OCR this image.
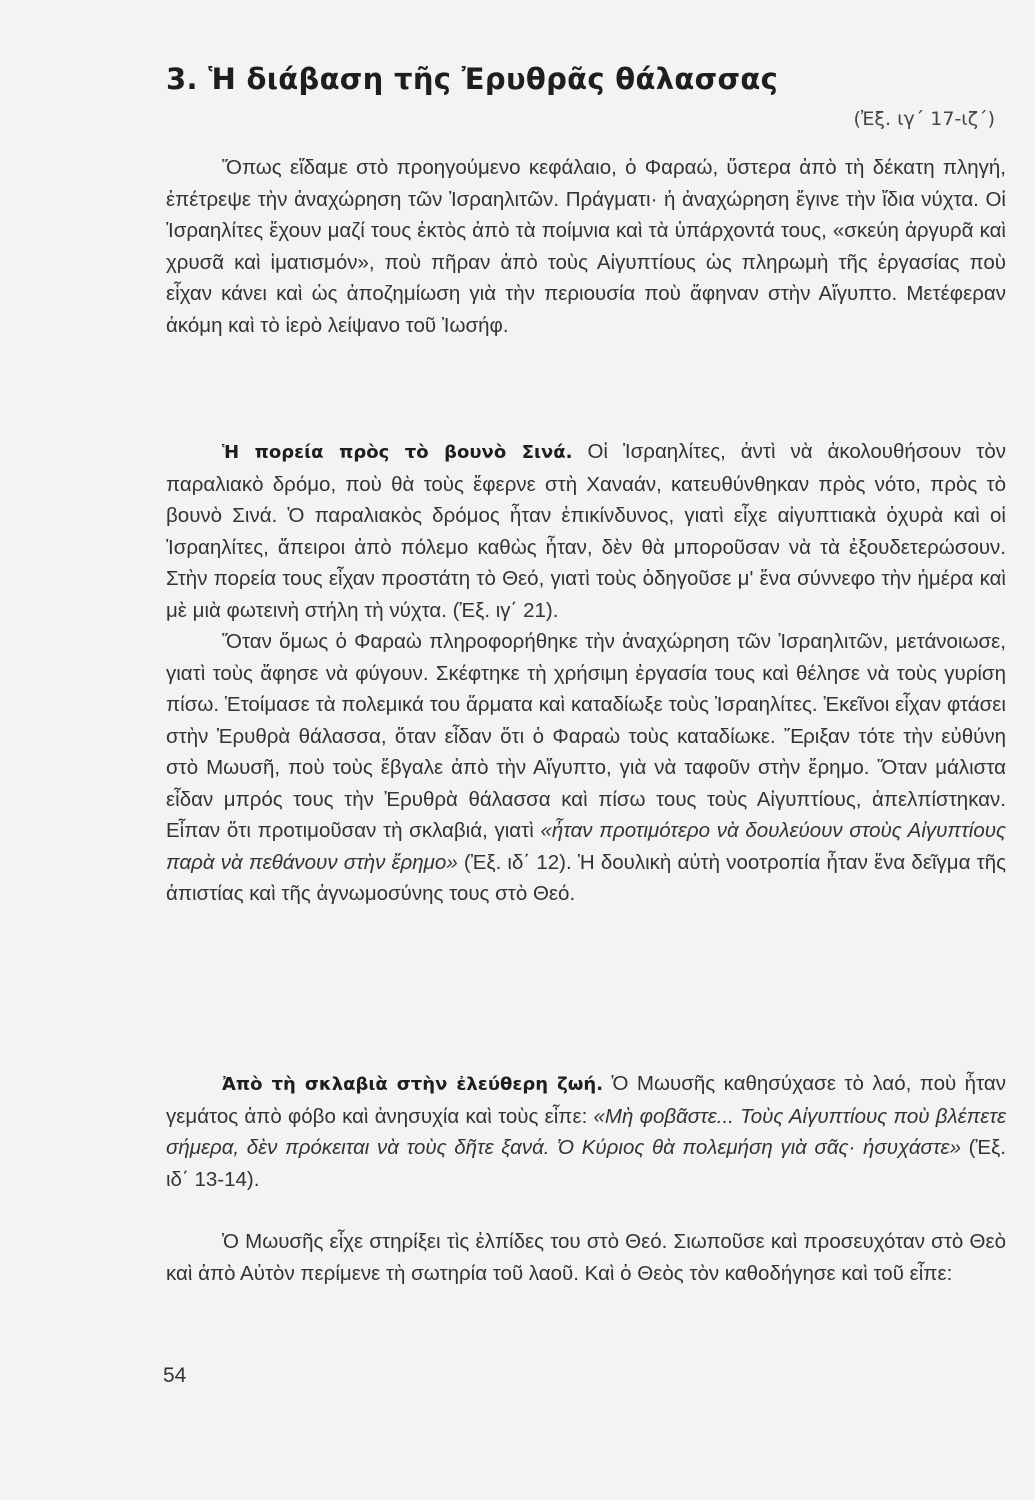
3. Ἡ διάβαση τῆς Ἐρυθρᾶς θάλασσας
(Ἐξ. ιγ΄ 17-ιζ΄)

Ὅπως εἴδαμε στὸ προηγούμενο κεφάλαιο, ὁ Φαραώ, ὕστερα ἀπὸ τὴ δέκατη πληγή, ἐπέτρεψε τὴν ἀναχώρηση τῶν Ἰσραηλιτῶν. Πράγματι· ἡ ἀναχώρηση ἔγινε τὴν ἴδια νύχτα. Οἱ Ἰσραηλίτες ἔχουν μαζί τους ἐκτὸς ἀπὸ τὰ ποίμνια καὶ τὰ ὑπάρχοντά τους, «σκεύη ἀργυρᾶ καὶ χρυσᾶ καὶ ἱματισμόν», ποὺ πῆραν ἀπὸ τοὺς Αἰγυπτίους ὡς πληρωμὴ τῆς ἐργασίας ποὺ εἶχαν κάνει καὶ ὡς ἀποζημίωση γιὰ τὴν περιουσία ποὺ ἄφηναν στὴν Αἴγυπτο. Μετέφεραν ἀκόμη καὶ τὸ ἱερὸ λείψανο τοῦ Ἰωσήφ.

Ἡ πορεία πρὸς τὸ βουνὸ Σινά. Οἱ Ἰσραηλίτες, ἀντὶ νὰ ἀκολουθήσουν τὸν παραλιακὸ δρόμο, ποὺ θὰ τοὺς ἔφερνε στὴ Χαναάν, κατευθύνθηκαν πρὸς νότο, πρὸς τὸ βουνὸ Σινά. Ὁ παραλιακὸς δρόμος ἦταν ἐπικίνδυνος, γιατὶ εἶχε αἰγυπτιακὰ ὀχυρὰ καὶ οἱ Ἰσραηλίτες, ἄπειροι ἀπὸ πόλεμο καθὼς ἦταν, δὲν θὰ μποροῦσαν νὰ τὰ ἐξουδετερώσουν. Στὴν πορεία τους εἶχαν προστάτη τὸ Θεό, γιατὶ τοὺς ὁδηγοῦσε μ' ἕνα σύννεφο τὴν ἡμέρα καὶ μὲ μιὰ φωτεινὴ στήλη τὴ νύχτα. (Ἐξ. ιγ΄ 21).

Ὅταν ὅμως ὁ Φαραὼ πληροφορήθηκε τὴν ἀναχώρηση τῶν Ἰσραηλιτῶν, μετάνοιωσε, γιατὶ τοὺς ἄφησε νὰ φύγουν. Σκέφτηκε τὴ χρήσιμη ἐργασία τους καὶ θέλησε νὰ τοὺς γυρίση πίσω. Ἑτοίμασε τὰ πολεμικά του ἅρματα καὶ καταδίωξε τοὺς Ἰσραηλίτες. Ἐκεῖνοι εἶχαν φτάσει στὴν Ἐρυθρὰ θάλασσα, ὅταν εἶδαν ὅτι ὁ Φαραὼ τοὺς καταδίωκε. Ἔριξαν τότε τὴν εὐθύνη στὸ Μωυσῆ, ποὺ τοὺς ἔβγαλε ἀπὸ τὴν Αἴγυπτο, γιὰ νὰ ταφοῦν στὴν ἔρημο. Ὅταν μάλιστα εἶδαν μπρός τους τὴν Ἐρυθρὰ θάλασσα καὶ πίσω τους τοὺς Αἰγυπτίους, ἀπελπίστηκαν. Εἶπαν ὅτι προτιμοῦσαν τὴ σκλαβιά, γιατὶ «ἦταν προτιμότερο νὰ δουλεύουν στοὺς Αἰγυπτίους παρὰ νὰ πεθάνουν στὴν ἔρημο» (Ἐξ. ιδ΄ 12). Ἡ δουλικὴ αὐτὴ νοοτροπία ἦταν ἕνα δεῖγμα τῆς ἀπιστίας καὶ τῆς ἀγνωμοσύνης τους στὸ Θεό.

Ἀπὸ τὴ σκλαβιὰ στὴν ἐλεύθερη ζωή. Ὁ Μωυσῆς καθησύχασε τὸ λαό, ποὺ ἦταν γεμάτος ἀπὸ φόβο καὶ ἀνησυχία καὶ τοὺς εἶπε: «Μὴ φοβᾶστε... Τοὺς Αἰγυπτίους ποὺ βλέπετε σήμερα, δὲν πρόκειται νὰ τοὺς δῆτε ξανά. Ὁ Κύριος θὰ πολεμήση γιὰ σᾶς· ἡσυχάστε» (Ἐξ. ιδ΄ 13-14).

Ὁ Μωυσῆς εἶχε στηρίξει τὶς ἐλπίδες του στὸ Θεό. Σιωποῦσε καὶ προσευχόταν στὸ Θεὸ καὶ ἀπὸ Αὐτὸν περίμενε τὴ σωτηρία τοῦ λαοῦ. Καὶ ὁ Θεὸς τὸν καθοδήγησε καὶ τοῦ εἶπε:

54
